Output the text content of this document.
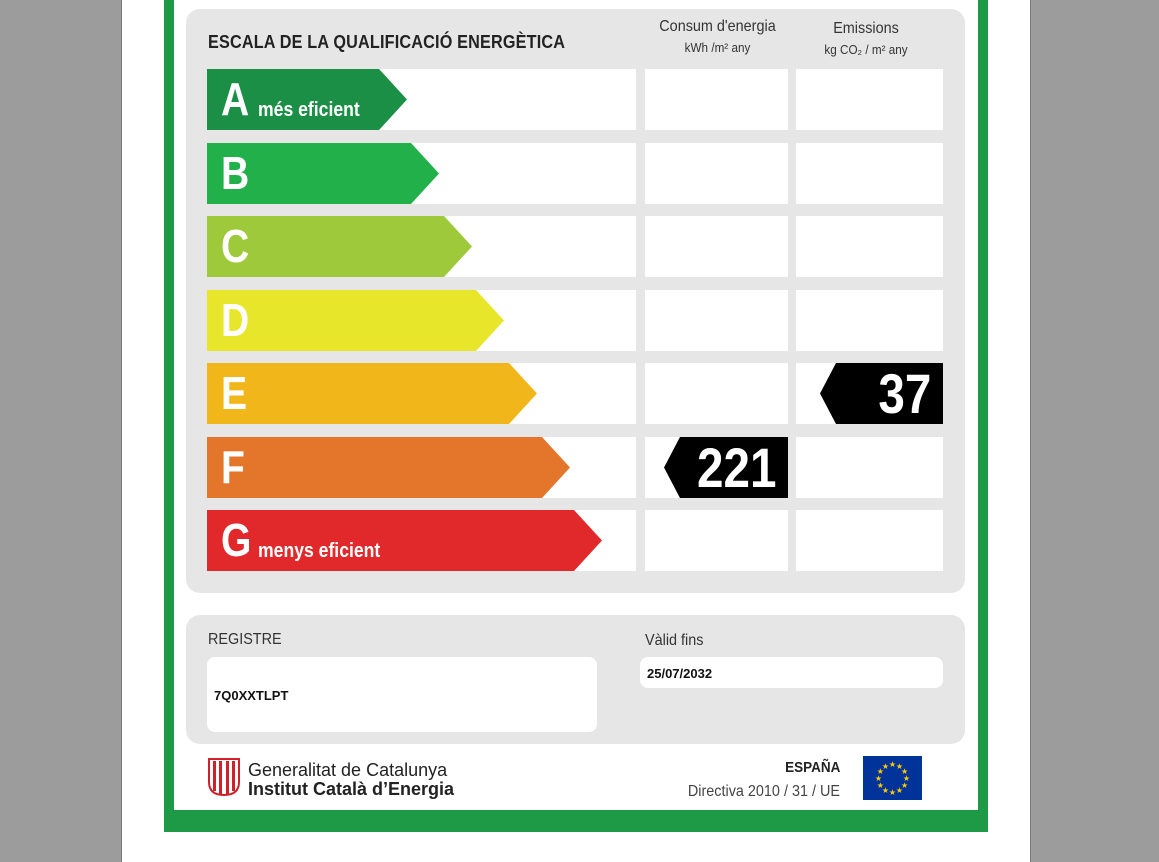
ESCALA DE LA QUALIFICACIÓ ENERGÈTICA
Consum d'energia
kWh /m² any
Emissions
kg CO₂ / m² any
A més eficient
B
C
D
E	37
F	221
G menys eficient
REGISTRE
7Q0XXTLPT
Vàlid fins
25/07/2032
Generalitat de Catalunya
Institut Català d’Energia
ESPAÑA
Directiva 2010 / 31 / UE
★ ★
★
★
★
★
★
★
★
★
★
★
